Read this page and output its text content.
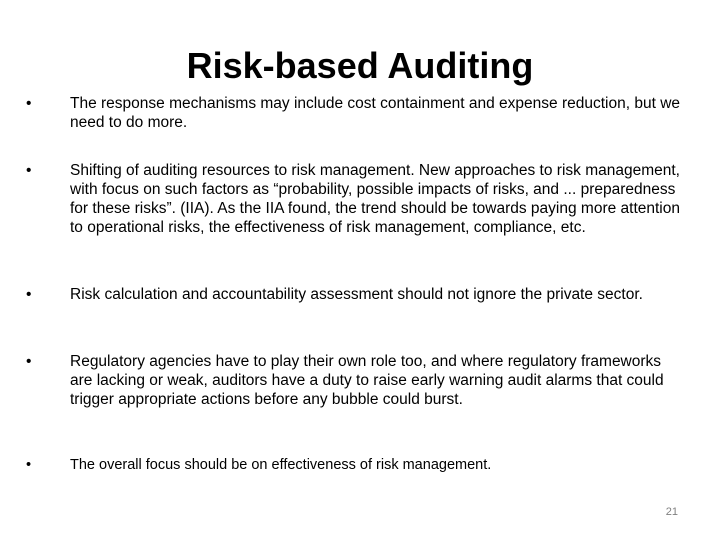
Risk-based Auditing
•	The response mechanisms may include cost containment and expense reduction, but we need to do more.
•	Shifting of auditing resources to risk management. New approaches to risk management, with focus on such factors as “probability, possible impacts of risks, and ... preparedness for these risks”. (IIA). As the IIA found, the trend should be towards paying more attention to operational risks, the effectiveness of risk management, compliance, etc.
•	Risk calculation and accountability assessment should not ignore the private sector.
•	Regulatory agencies have to play their own role too, and where regulatory frameworks are lacking or weak, auditors have a duty to raise early warning audit alarms that could trigger appropriate actions before any bubble could burst.
•	The overall focus should be on effectiveness of risk management.
21
